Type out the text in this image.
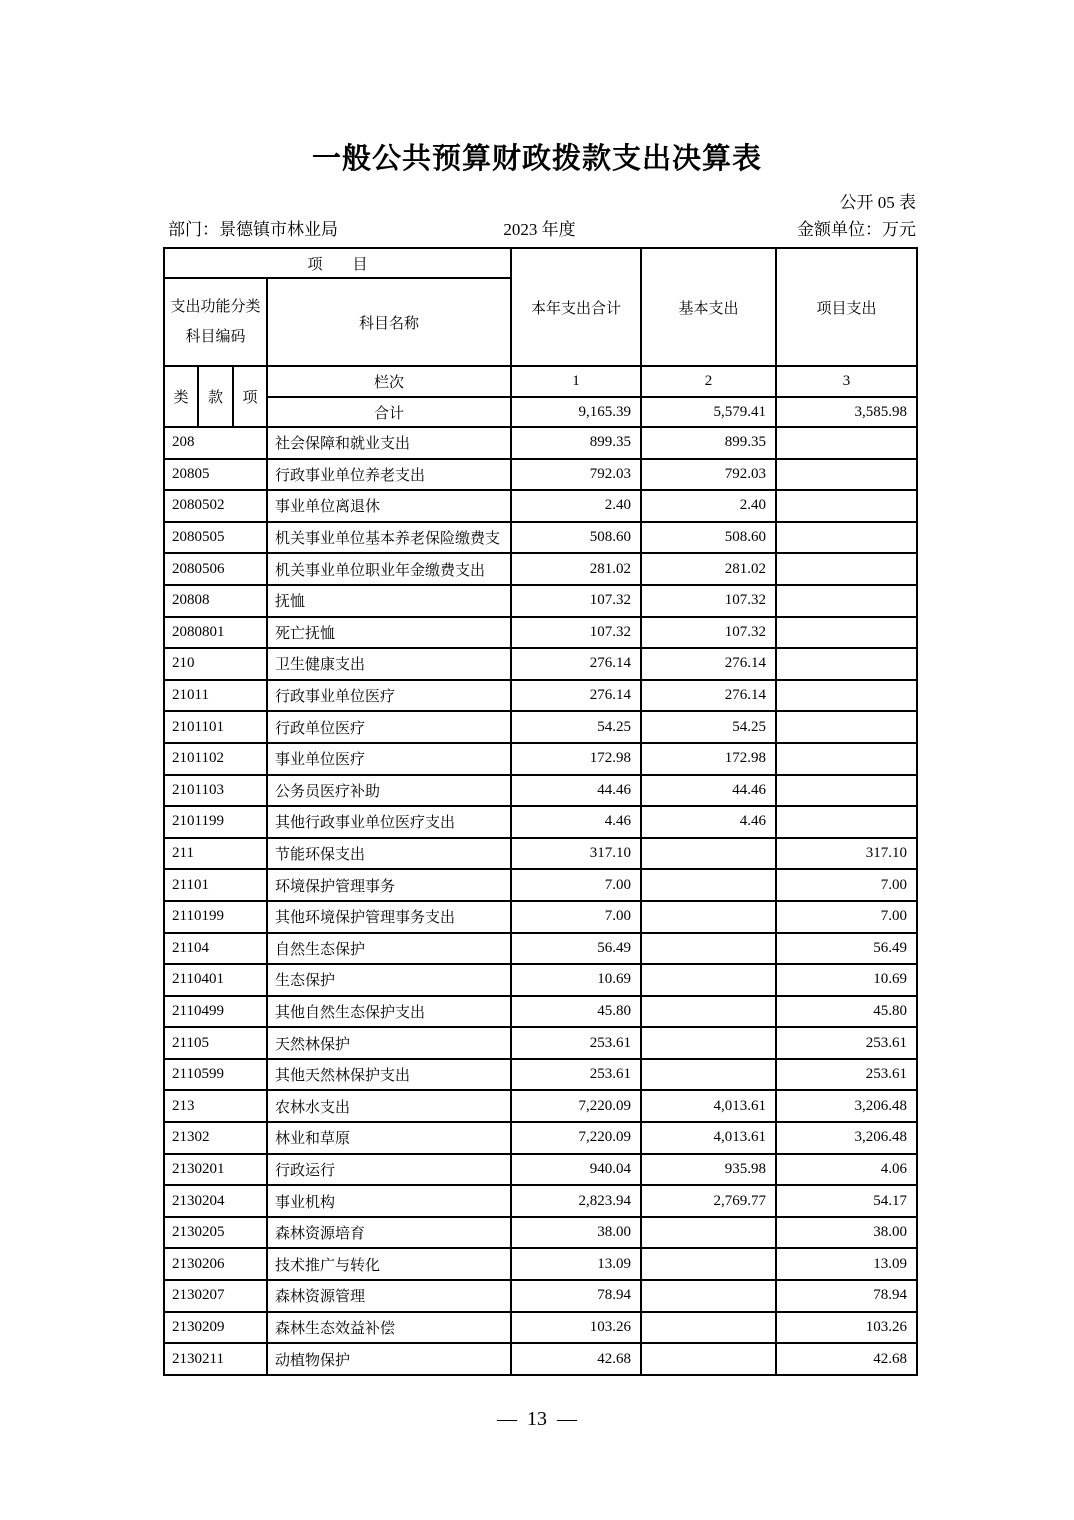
一般公共预算财政拨款支出决算表
公开 05 表
部门：景德镇市林业局	2023 年度	金额单位：万元
项　　目				本年支出合计	基本支出	项目支出

支出功能分类
科目编码			科目名称			
类	款	项	栏次	1	2	3
			合计	9,165.39	5,579.41	3,585.98
208			社会保障和就业支出	899.35	899.35	
20805			行政事业单位养老支出	792.03	792.03	
2080502			事业单位离退休	2.40	2.40	
2080505			机关事业单位基本养老保险缴费支	508.60	508.60	
2080506			机关事业单位职业年金缴费支出	281.02	281.02	
20808			抚恤	107.32	107.32	
2080801			死亡抚恤	107.32	107.32	
210			卫生健康支出	276.14	276.14	
21011			行政事业单位医疗	276.14	276.14	
2101101			行政单位医疗	54.25	54.25	
2101102			事业单位医疗	172.98	172.98	
2101103			公务员医疗补助	44.46	44.46	
2101199			其他行政事业单位医疗支出	4.46	4.46	
211			节能环保支出	317.10		317.10
21101			环境保护管理事务	7.00		7.00
2110199			其他环境保护管理事务支出	7.00		7.00
21104			自然生态保护	56.49		56.49
2110401			生态保护	10.69		10.69
2110499			其他自然生态保护支出	45.80		45.80
21105			天然林保护	253.61		253.61
2110599			其他天然林保护支出	253.61		253.61
213			农林水支出	7,220.09	4,013.61	3,206.48
21302			林业和草原	7,220.09	4,013.61	3,206.48
2130201			行政运行	940.04	935.98	4.06
2130204			事业机构	2,823.94	2,769.77	54.17
2130205			森林资源培育	38.00		38.00
2130206			技术推广与转化	13.09		13.09
2130207			森林资源管理	78.94		78.94
2130209			森林生态效益补偿	103.26		103.26
2130211			动植物保护	42.68		42.68
—  13  —
